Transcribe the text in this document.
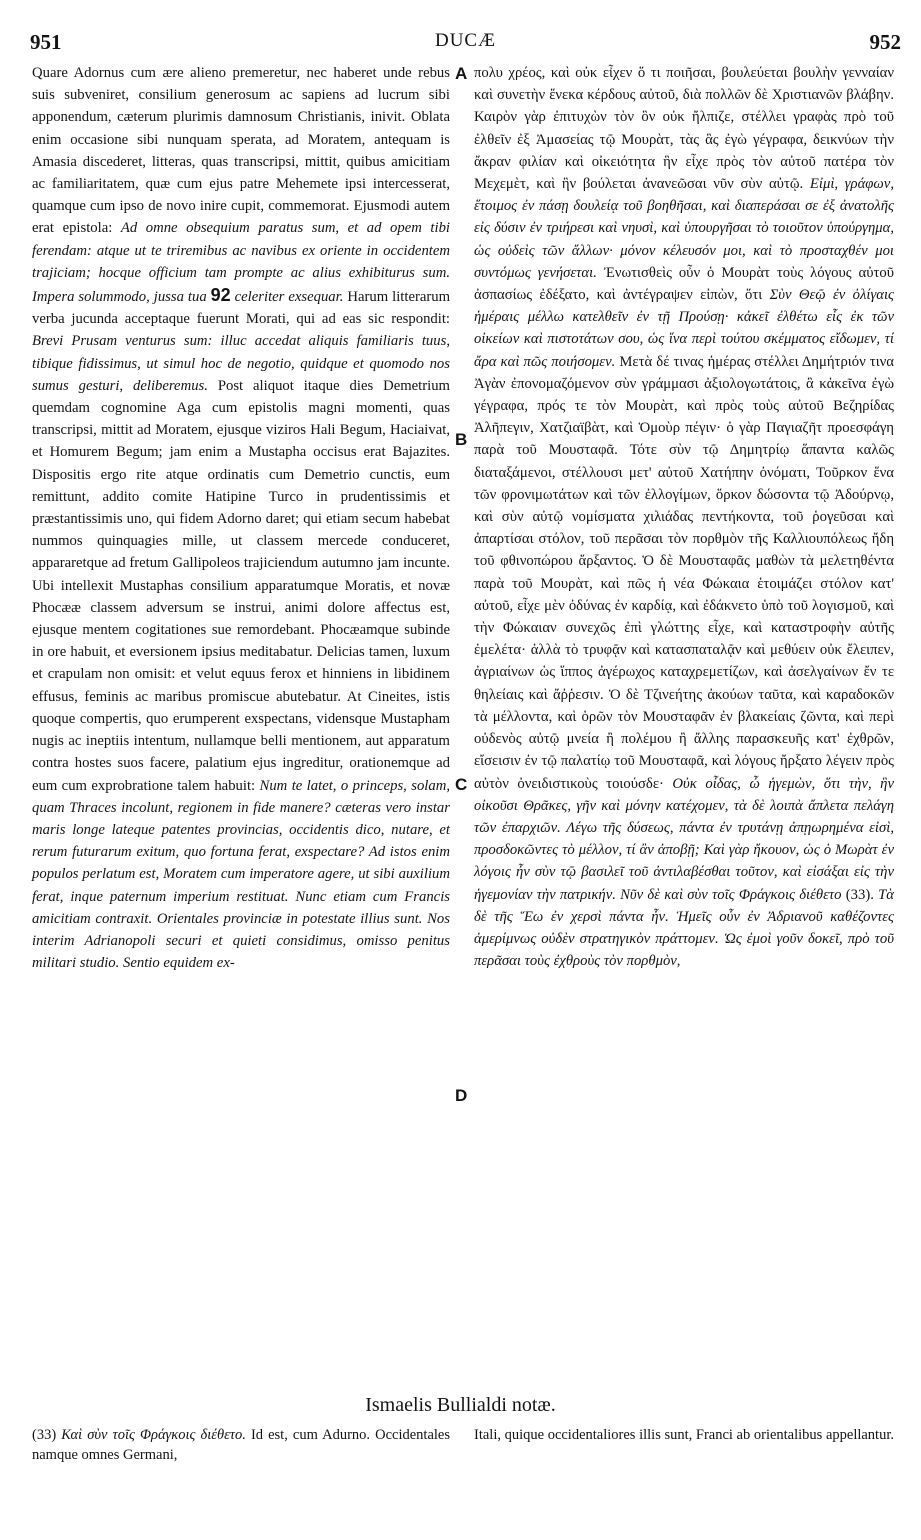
951	DUCÆ	952

Quare Adornus cum ære alieno premeretur, nec haberet unde rebus suis subveniret, consilium generosum ac sapiens ad lucrum sibi apponendum, cæterum plurimis damnosum Christianis, inivit. Oblata enim occasione sibi nunquam sperata, ad Moratem, antequam is Amasia discederet, litteras, quas transcripsi, mittit, quibus amicitiam ac familiaritatem, quæ cum ejus patre Mehemete ipsi intercesserat, quamque cum ipso de novo inire cupit, commemorat. Ejusmodi autem erat epistola: Ad omne obsequium paratus sum, et ad opem tibi ferendam: atque ut te triremibus ac navibus ex oriente in occidentem trajiciam; hocque officium tam prompte ac alius exhibiturus sum. Impera solummodo, jussa tua 92 celeriter exsequar. Harum litterarum verba jucunda acceptaque fuerunt Morati, qui ad eas sic respondit: Brevi Prusam venturus sum: illuc accedat aliquis familiaris tuus, tibique fidissimus, ut simul hoc de negotio, quidque et quomodo nos sumus gesturi, deliberemus. Post aliquot itaque dies Demetrium quemdam cognomine Aga cum epistolis magni momenti, quas transcripsi, mittit ad Moratem, ejusque viziros Hali Begum, Haciaivat, et Homurem Begum; jam enim a Mustapha occisus erat Bajazites. Dispositis ergo rite atque ordinatis cum Demetrio cunctis, eum remittunt, addito comite Hatipine Turco in prudentissimis et præstantissimis uno, qui fidem Adorno daret; qui etiam secum habebat nummos quinquagies mille, ut classem mercede conduceret, appararetque ad fretum Gallipoleos trajiciendum autumno jam incunte. Ubi intellexit Mustaphas consilium apparatumque Moratis, et novæ Phocææ classem adversum se instrui, animi dolore affectus est, ejusque mentem cogitationes sue remordebant. Phocæamque subinde in ore habuit, et eversionem ipsius meditabatur. Delicias tamen, luxum et crapulam non omisit: et velut equus ferox et hinniens in libidinem effusus, feminis ac maribus promiscue abutebatur. At Cineites, istis quoque compertis, quo erumperent exspectans, vidensque Mustapham nugis ac ineptiis intentum, nullamque belli mentionem, aut apparatum contra hostes suos facere, palatium ejus ingreditur, orationemque ad eum cum exprobratione talem habuit: Num te latet, o princeps, solam, quam Thraces incolunt, regionem in fide manere? cæteras vero instar maris longe lateque patentes provincias, occidentis dico, nutare, et rerum futurarum exitum, quo fortuna ferat, exspectare? Ad istos enim populos perlatum est, Moratem cum imperatore agere, ut sibi auxilium ferat, inque paternum imperium restituat. Nunc etiam cum Francis amicitiam contraxit. Orientales provinciæ in potestate illius sunt. Nos interim Adrianopoli securi et quieti considimus, omisso penitus militari studio. Sentio equidem ex-

A
B
C
D

πολυ χρέος, καὶ οὐκ εἶχεν ὅ τι ποιῆσαι, βουλεύεται βουλὴν γενναίαν καὶ συνετὴν ἕνεκα κέρδους αὐτοῦ, διὰ πολλῶν δὲ Χριστιανῶν βλάβην. Καιρὸν γὰρ ἐπιτυχὼν τὸν ὃν οὐκ ἤλπιζε, στέλλει γραφὰς πρὸ τοῦ ἐλθεῖν ἐξ Ἀμασείας τῷ Μουρὰτ, τὰς ἃς ἐγὼ γέγραφα, δεικνύων τὴν ἄκραν φιλίαν καὶ οἰκειότητα ἣν εἶχε πρὸς τὸν αὐτοῦ πατέρα τὸν Μεχεμὲτ, καὶ ἣν βούλεται ἀνανεῶσαι νῦν σὺν αὐτῷ. Εἰμὶ, γράφων, ἕτοιμος ἐν πάσῃ δουλείᾳ τοῦ βοηθῆσαι, καὶ διαπεράσαι σε ἐξ ἀνατολῆς εἰς δύσιν ἐν τριήρεσι καὶ νηυσὶ, καὶ ὑπουργῆσαι τὸ τοιοῦτον ὑπούργημα, ὡς οὐδεὶς τῶν ἄλλων· μόνον κέλευσόν μοι, καὶ τὸ προσταχθέν μοι συντόμως γενήσεται. Ἐνωτισθεὶς οὖν ὁ Μουρὰτ τοὺς λόγους αὐτοῦ ἀσπασίως ἐδέξατο, καὶ ἀντέγραψεν εἰπὼν, ὅτι Σὺν Θεῷ ἐν ὀλίγαις ἡμέραις μέλλω κατελθεῖν ἐν τῇ Προύσῃ· κἀκεῖ ἐλθέτω εἷς ἐκ τῶν οἰκείων καὶ πιστοτάτων σου, ὡς ἵνα περὶ τούτου σκέμματος εἴδωμεν, τί ἄρα καὶ πῶς ποιήσομεν. Μετὰ δέ τινας ἡμέρας στέλλει Δημήτριόν τινα Ἀγὰν ἐπονομαζόμενον σὺν γράμμασι ἀξιολογωτάτοις, ἃ κἀκεῖνα ἐγὼ γέγραφα, πρός τε τὸν Μουρὰτ, καὶ πρὸς τοὺς αὐτοῦ Βεζηρίδας Ἀλῆπεγιν, Χατζιαϊβὰτ, καὶ Ὁμοὺρ πέγιν· ὁ γὰρ Παγιαζῆτ προεσφάγη παρὰ τοῦ Μουσταφᾶ. Τότε σὺν τῷ Δημητρίῳ ἅπαντα καλῶς διαταξάμενοι, στέλλουσι μετ' αὐτοῦ Χατήπην ὀνόματι, Τοῦρκον ἕνα τῶν φρονιμωτάτων καὶ τῶν ἐλλογίμων, ὅρκον δώσοντα τῷ Ἀδούρνῳ, καὶ σὺν αὐτῷ νομίσματα χιλιάδας πεντήκοντα, τοῦ ῥογεῦσαι καὶ ἀπαρτίσαι στόλον, τοῦ περᾶσαι τὸν πορθμὸν τῆς Καλλιουπόλεως ἤδη τοῦ φθινοπώρου ἄρξαντος. Ὁ δὲ Μουσταφᾶς μαθὼν τὰ μελετηθέντα παρὰ τοῦ Μουρὰτ, καὶ πῶς ἡ νέα Φώκαια ἑτοιμάζει στόλον κατ' αὐτοῦ, εἶχε μὲν ὀδύνας ἐν καρδίᾳ, καὶ ἐδάκνετο ὑπὸ τοῦ λογισμοῦ, καὶ τὴν Φώκαιαν συνεχῶς ἐπὶ γλώττης εἶχε, καὶ καταστροφὴν αὐτῆς ἐμελέτα· ἀλλὰ τὸ τρυφᾷν καὶ κατασπαταλᾷν καὶ μεθύειν οὐκ ἔλειπεν, ἀγριαίνων ὡς ἵππος ἀγέρωχος καταχρεμετίζων, καὶ ἀσελγαίνων ἔν τε θηλείαις καὶ ἄῤῥεσιν. Ὁ δὲ Τζινεήτης ἀκούων ταῦτα, καὶ καραδοκῶν τὰ μέλλοντα, καὶ ὁρῶν τὸν Μουσταφᾶν ἐν βλακείαις ζῶντα, καὶ περὶ οὐδενὸς αὐτῷ μνεία ἢ πολέμου ἢ ἄλλης παρασκευῆς κατ' ἐχθρῶν, εἴσεισιν ἐν τῷ παλατίῳ τοῦ Μουσταφᾶ, καὶ λόγους ἤρξατο λέγειν πρὸς αὐτὸν ὀνειδιστικοὺς τοιούσδε· Οὐκ οἶδας, ὦ ἡγεμὼν, ὅτι τὴν, ἣν οἰκοῦσι Θρᾶκες, γῆν καὶ μόνην κατέχομεν, τὰ δὲ λοιπὰ ἄπλετα πελάγη τῶν ἐπαρχιῶν. Λέγω τῆς δύσεως, πάντα ἐν τρυτάνῃ ἀπῃωρημένα εἰσὶ, προσδοκῶντες τὸ μέλλον, τί ἂν ἀποβῇ; Καὶ γὰρ ἤκουον, ὡς ὁ Μωρὰτ ἐν λόγοις ἦν σὺν τῷ βασιλεῖ τοῦ ἀντιλαβέσθαι τοῦτον, καὶ εἰσάξαι εἰς τὴν ἡγεμονίαν τὴν πατρικήν. Νῦν δὲ καὶ σὺν τοῖς Φράγκοις διέθετο (33). Τὰ δὲ τῆς Ἕω ἐν χερσὶ πάντα ἦν. Ἡμεῖς οὖν ἐν Ἀδριανοῦ καθέζοντες ἀμερίμνως οὐδὲν στρατηγικὸν πράττομεν. Ὡς ἐμοὶ γοῦν δοκεῖ, πρὸ τοῦ περᾶσαι τοὺς ἐχθροὺς τὸν πορθμὸν,

Ismaelis Bullialdi notæ.
(33) Καὶ σὺν τοῖς Φράγκοις διέθετο. Id est, cum Adurno. Occidentales namque omnes Germani,
Itali, quique occidentaliores illis sunt, Franci ab orientalibus appellantur.
